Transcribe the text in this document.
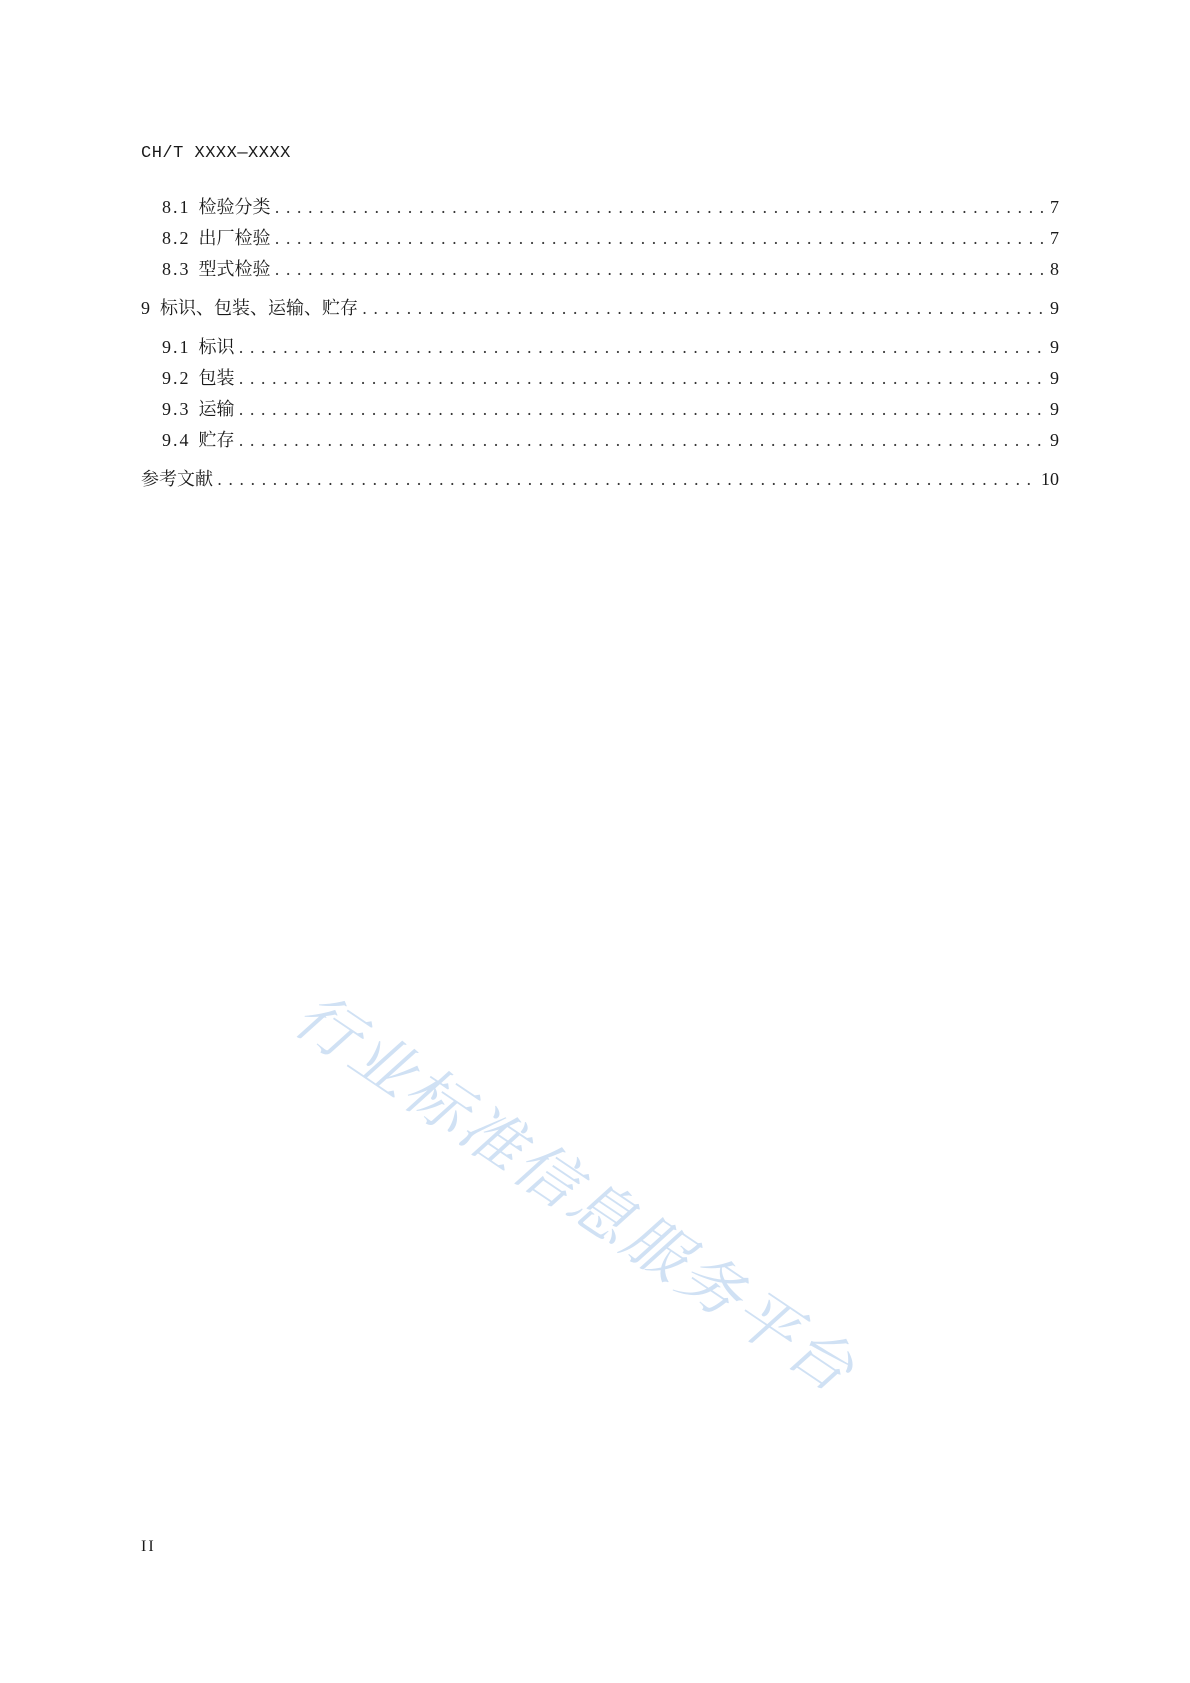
CH/T XXXX—XXXX
8.1 检验分类 .....	7
8.2 出厂检验 .....	7
8.3 型式检验 .....	8
9 标识、包装、运输、贮存 .....	9
9.1 标识 .....	9
9.2 包装 .....	9
9.3 运输 .....	9
9.4 贮存 .....	9
参考文献 .....	10
行业标准信息服务平台
II
